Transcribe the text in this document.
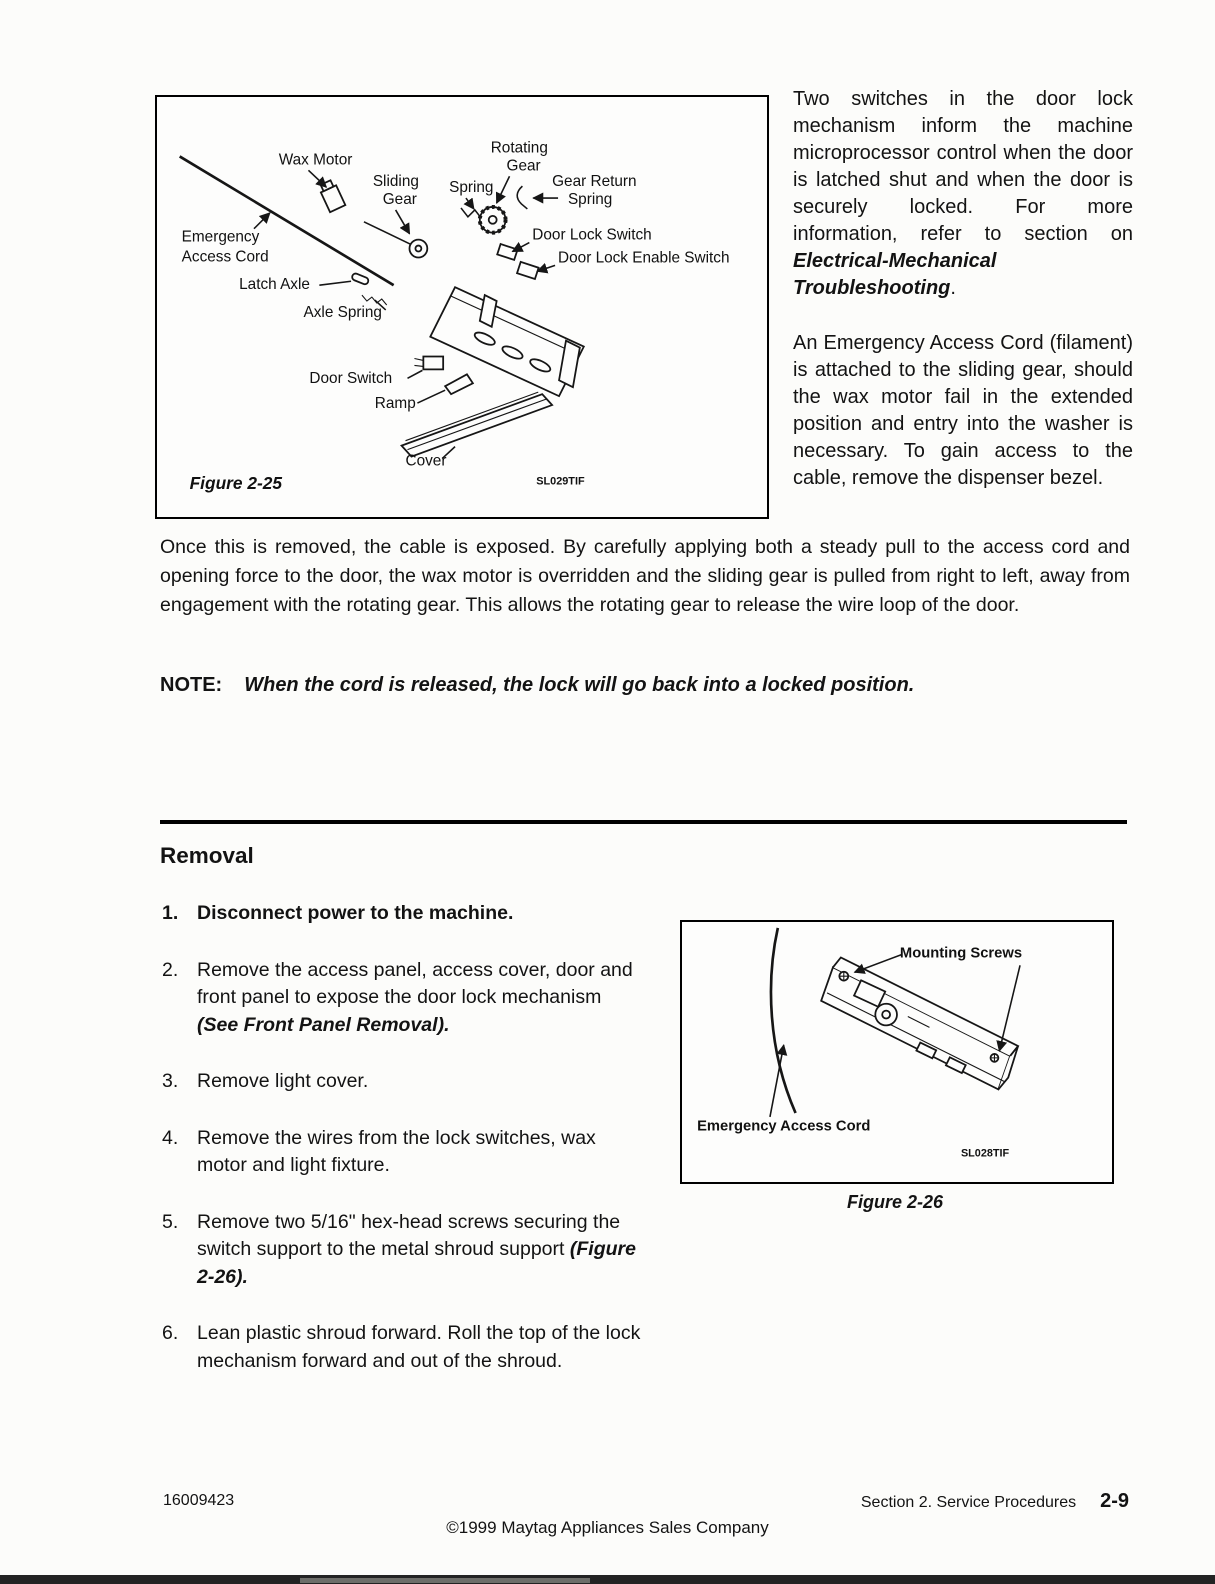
Rotating
Gear
Wax Motor
Sliding
Gear
Spring	Gear Return
Spring
Emergency
Access Cord
Door Lock Switch
Door Lock Enable Switch
Latch Axle
Axle Spring
Door Switch
Ramp
Cover
Figure 2-25	SL029TIF

Two switches in the door lock mechanism inform the machine microprocessor control when the door is latched shut and when the door is securely locked. For more information, refer to section on Electrical-Mechanical Troubleshooting.

An Emergency Access Cord (filament) is attached to the sliding gear, should the wax motor fail in the extended position and entry into the washer is necessary. To gain access to the cable, remove the dispenser bezel.

Once this is removed, the cable is exposed. By carefully applying both a steady pull to the access cord and opening force to the door, the wax motor is overridden and the sliding gear is pulled from right to left, away from engagement with the rotating gear. This allows the rotating gear to release the wire loop of the door.
NOTE: When the cord is released, the lock will go back into a locked position.
Removal
1. Disconnect power to the machine.
2. Remove the access panel, access cover, door and front panel to expose the door lock mechanism (See Front Panel Removal).
3. Remove light cover.
4. Remove the wires from the lock switches, wax motor and light fixture.
5. Remove two 5/16" hex-head screws securing the switch support to the metal shroud support (Figure 2-26).
6. Lean plastic shroud forward. Roll the top of the lock mechanism forward and out of the shroud.
Mounting Screws
Emergency Access Cord
SL028TIF
Figure 2-26
16009423
©1999 Maytag Appliances Sales Company
Section 2. Service Procedures 2-9
